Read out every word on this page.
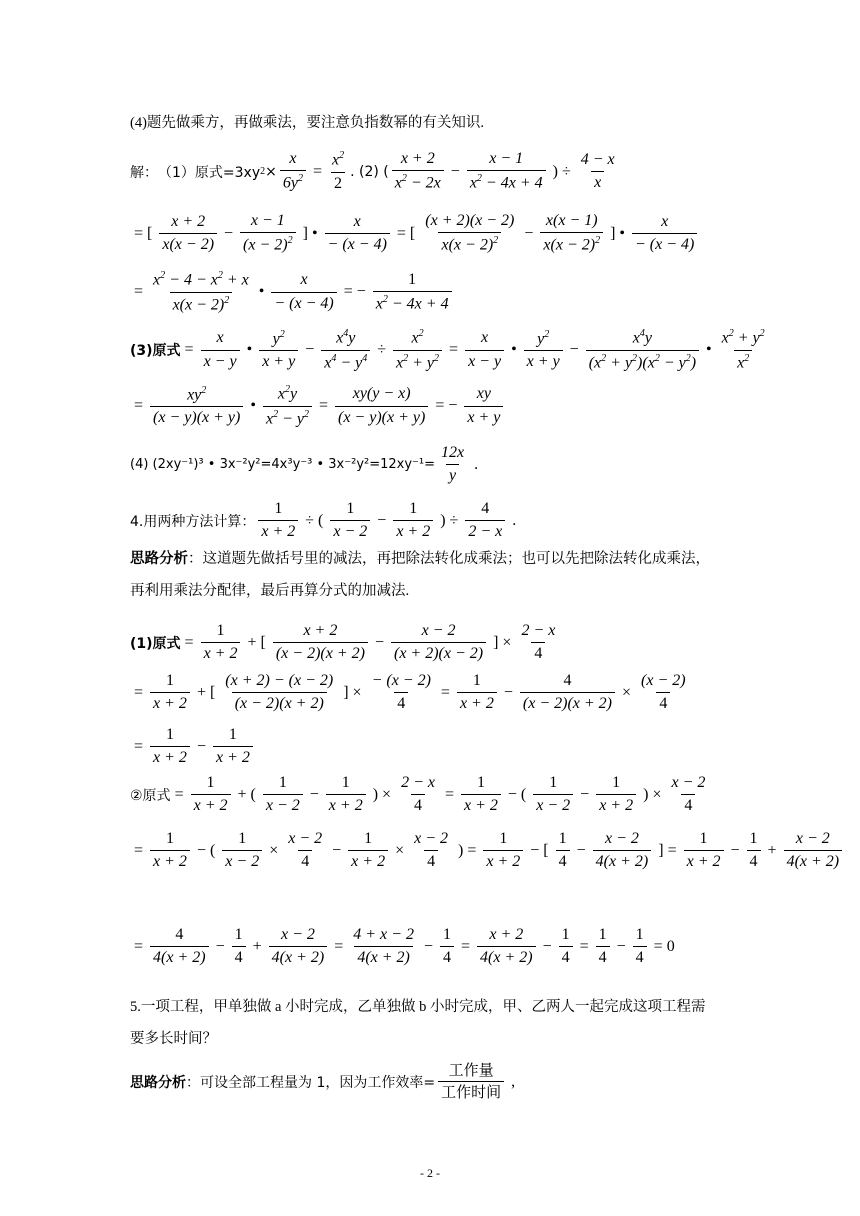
(4)题先做乘方，再做乘法，要注意负指数幂的有关知识.
解： （1）原式=3xy $2 \times \frac{x}{6y^2} = \frac{x^2}{2}$ . (2) (
x + 2
$x^2 - 2x$
− $\frac{x - 1}{x^2 - 4x + 4}$ ) ÷ $\frac{4 - x}{x}$
= [
x + 2
x(x − 2)
− $\frac{x - 1}{(x - 2)^2}$ ] • $\frac{x}{- (x - 4)}$ = [
(x + 2)(x − 2)
$x(x - 2)^2 - \frac{x(x - 1)}{x(x - 2)^2}$ ] •
x
− (x − 4)
= $\frac{x^2 - 4 - x^2 + x}{x(x - 2)^2}$ • $\frac{x}{- (x - 4)}$ = − $\frac{1}{x^2 - 4x + 4}$
(3)原式 = $\frac{x}{x - y}$ •
$y^2$
x + y
− $\frac{x^4y}{x^4 - y^4} \div \frac{x^2}{x^2 + y^2} = \frac{x}{x - y}$ •
$y^2$
x + y
− $\frac{x^4y}{(x^2 + y^2)(x^2 - y^2)}$ •
$x^2 + y^2$
$x^2$
= $\frac{xy^2}{(x - y)(x + y)}$ • $\frac{x^2y}{x^2 - y^2} = \frac{xy(y - x)}{(x - y)(x + y)}$ = − $\frac{xy}{x + y}$
(4) (2xy⁻¹)³ • 3x⁻²y²=4x³y⁻³ • $3x^{-2}y^2=12xy^{-1}= \frac{12x}{y}$ .
4.用两种方法计算： $\frac{1}{x + 2}$ ÷ (
1
x − 2
− $\frac{1}{x + 2}$ ) ÷ $\frac{4}{2 - x}$ .
思路分析：这道题先做括号里的减法，再把除法转化成乘法；也可以先把除法转化成乘法，
再利用乘法分配律，最后再算分式的加减法.
(1)原式 = $\frac{1}{x + 2}$ + [
x + 2
(x − 2)(x + 2)
− $\frac{x - 2}{(x + 2)(x - 2)}$ ] × $\frac{2 - x}{4}$
= $\frac{1}{x + 2}$ + [
(x + 2) − (x − 2)
(x − 2)(x + 2)
] × $\frac{- (x - 2)}{4} = \frac{1}{x + 2} - \frac{4}{(x - 2)(x + 2)} \times \frac{(x - 2)}{4}$
= $\frac{1}{x + 2} - \frac{1}{x + 2}$
②原式 = $\frac{1}{x + 2}$ + (
1
x − 2
− $\frac{1}{x + 2}$ ) × $\frac{2 - x}{4} = \frac{1}{x + 2}$ − (
1
x − 2
− $\frac{1}{x + 2}$ ) × $\frac{x - 2}{4}$
= $\frac{1}{x + 2}$ − ( $\frac{1}{x - 2} \times \frac{x - 2}{4} - \frac{1}{x + 2} \times \frac{x - 2}{4}$ ) = $\frac{1}{x + 2}$ − [
1
4
− $\frac{x - 2}{4(x + 2)}$ ] = $\frac{1}{x + 2} - \frac{1}{4} + \frac{x - 2}{4(x + 2)}$
= $\frac{4}{4(x + 2)} - \frac{1}{4} + \frac{x - 2}{4(x + 2)} = \frac{4 + x - 2}{4(x + 2)} - \frac{1}{4} = \frac{x + 2}{4(x + 2)} - \frac{1}{4} = \frac{1}{4} - \frac{1}{4} = 0$
5.一项工程，甲单独做 a 小时完成，乙单独做 b 小时完成，甲、乙两人一起完成这项工程需
要多长时间？
思路分析 ：可设全部工程量为 1，因为工作效率=
工作量
工作时间
,
- 2 -
